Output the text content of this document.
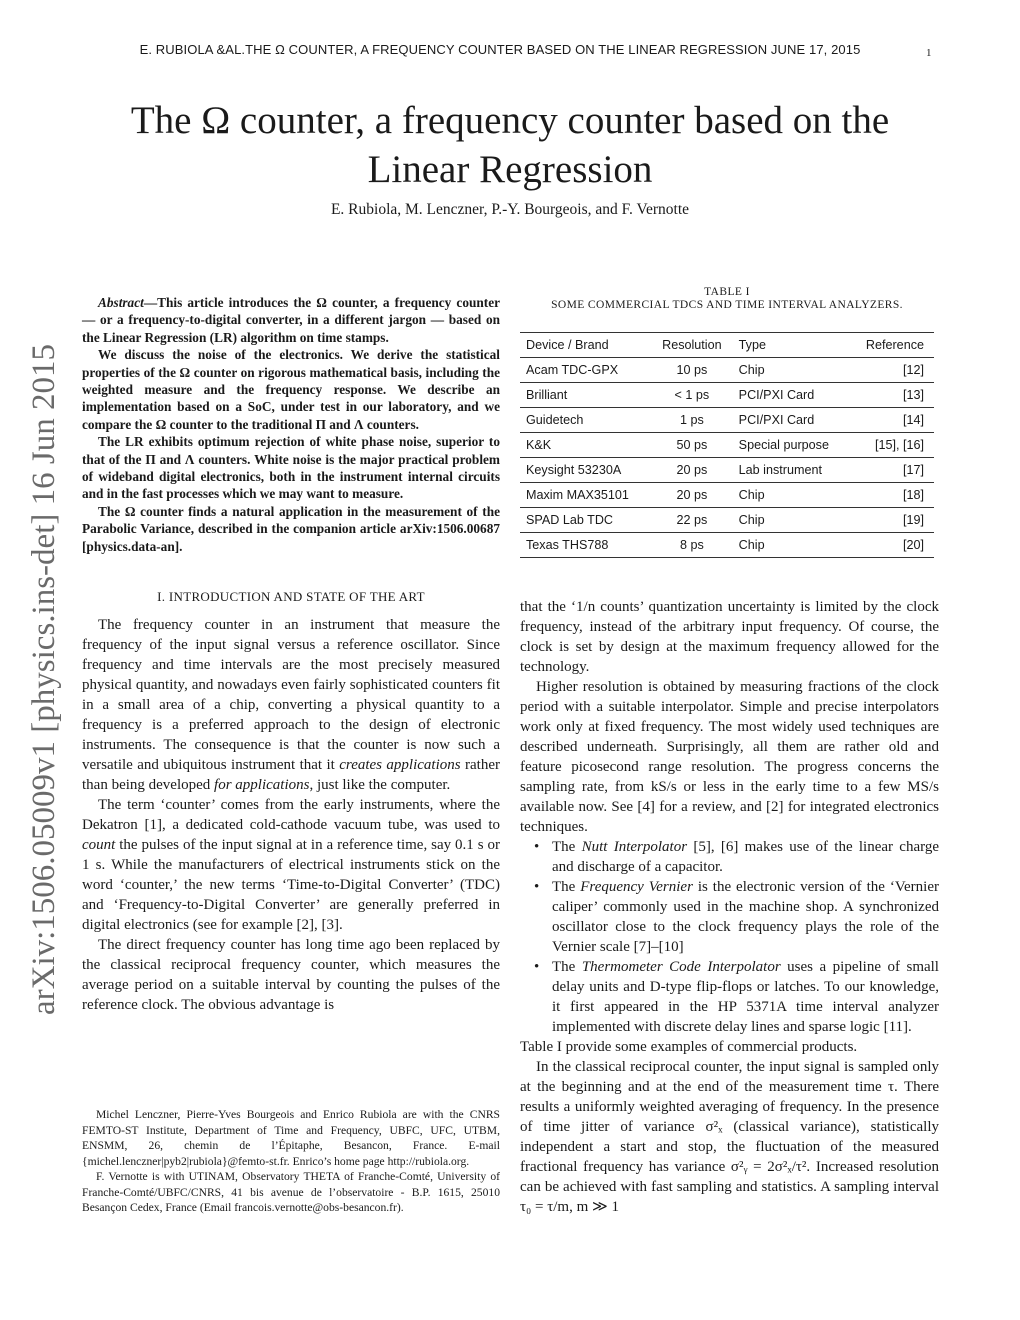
E. RUBIOLA &AL.THE Ω COUNTER, A FREQUENCY COUNTER BASED ON THE LINEAR REGRESSION JUNE 17, 2015	1
The Ω counter, a frequency counter based on the
Linear Regression
E. Rubiola, M. Lenczner, P.-Y. Bourgeois, and F. Vernotte
arXiv:1506.05009v1 [physics.ins-det] 16 Jun 2015

Abstract—This article introduces the Ω counter, a frequency counter — or a frequency-to-digital converter, in a different jargon — based on the Linear Regression (LR) algorithm on time stamps.

We discuss the noise of the electronics. We derive the statistical properties of the Ω counter on rigorous mathematical basis, including the weighted measure and the frequency response. We describe an implementation based on a SoC, under test in our laboratory, and we compare the Ω counter to the traditional Π and Λ counters.

The LR exhibits optimum rejection of white phase noise, superior to that of the Π and Λ counters. White noise is the major practical problem of wideband digital electronics, both in the instrument internal circuits and in the fast processes which we may want to measure.

The Ω counter finds a natural application in the measurement of the Parabolic Variance, described in the companion article arXiv:1506.00687 [physics.data-an].

I. INTRODUCTION AND STATE OF THE ART

The frequency counter in an instrument that measure the frequency of the input signal versus a reference oscillator. Since frequency and time intervals are the most precisely measured physical quantity, and nowadays even fairly sophisticated counters fit in a small area of a chip, converting a physical quantity to a frequency is a preferred approach to the design of electronic instruments. The consequence is that the counter is now such a versatile and ubiquitous instrument that it creates applications rather than being developed for applications, just like the computer.

The term ‘counter’ comes from the early instruments, where the Dekatron [1], a dedicated cold-cathode vacuum tube, was used to count the pulses of the input signal at in a reference time, say 0.1 s or 1 s. While the manufacturers of electrical instruments stick on the word ‘counter,’ the new terms ‘Time-to-Digital Converter’ (TDC) and ‘Frequency-to-Digital Converter’ are generally preferred in digital electronics (see for example [2], [3].

The direct frequency counter has long time ago been replaced by the classical reciprocal frequency counter, which measures the average period on a suitable interval by counting the pulses of the reference clock. The obvious advantage is

Michel Lenczner, Pierre-Yves Bourgeois and Enrico Rubiola are with the CNRS FEMTO-ST Institute, Department of Time and Frequency, UBFC, UFC, UTBM, ENSMM, 26, chemin de l’Épitaphe, Besancon, France. E-mail {michel.lenczner|pyb2|rubiola}@femto-st.fr. Enrico’s home page http://rubiola.org.

F. Vernotte is with UTINAM, Observatory THETA of Franche-Comté, University of Franche-Comté/UBFC/CNRS, 41 bis avenue de l’observatoire - B.P. 1615, 25010 Besançon Cedex, France (Email francois.vernotte@obs-besancon.fr).

TABLE I
SOME COMMERCIAL TDCS AND TIME INTERVAL ANALYZERS.
Device / Brand	Resolution	Type	Reference
Acam TDC-GPX	10 ps	Chip	[12]
Brilliant	< 1 ps	PCI/PXI Card	[13]
Guidetech	1 ps	PCI/PXI Card	[14]
K&K	50 ps	Special purpose	[15], [16]
Keysight 53230A	20 ps	Lab instrument	[17]
Maxim MAX35101	20 ps	Chip	[18]
SPAD Lab TDC	22 ps	Chip	[19]
Texas THS788	8 ps	Chip	[20]

that the ‘1/n counts’ quantization uncertainty is limited by the clock frequency, instead of the arbitrary input frequency. Of course, the clock is set by design at the maximum frequency allowed for the technology.

Higher resolution is obtained by measuring fractions of the clock period with a suitable interpolator. Simple and precise interpolators work only at fixed frequency. The most widely used techniques are described underneath. Surprisingly, all them are rather old and feature picosecond range resolution. The progress concerns the sampling rate, from kS/s or less in the early time to a few MS/s available now. See [4] for a review, and [2] for integrated electronics techniques.

• The Nutt Interpolator [5], [6] makes use of the linear charge and discharge of a capacitor.
• The Frequency Vernier is the electronic version of the ‘Vernier caliper’ commonly used in the machine shop. A synchronized oscillator close to the clock frequency plays the role of the Vernier scale [7]–[10]
• The Thermometer Code Interpolator uses a pipeline of small delay units and D-type flip-flops or latches. To our knowledge, it first appeared in the HP 5371A time interval analyzer implemented with discrete delay lines and sparse logic [11].

Table I provide some examples of commercial products.

In the classical reciprocal counter, the input signal is sampled only at the beginning and at the end of the measurement time τ. There results a uniformly weighted averaging of frequency. In the presence of time jitter of variance σ²ₓ (classical variance), statistically independent a start and stop, the fluctuation of the measured fractional frequency has variance σ²ᵧ = 2σ²ₓ/τ². Increased resolution can be achieved with fast sampling and statistics. A sampling interval τ₀ = τ/m, m ≫ 1
